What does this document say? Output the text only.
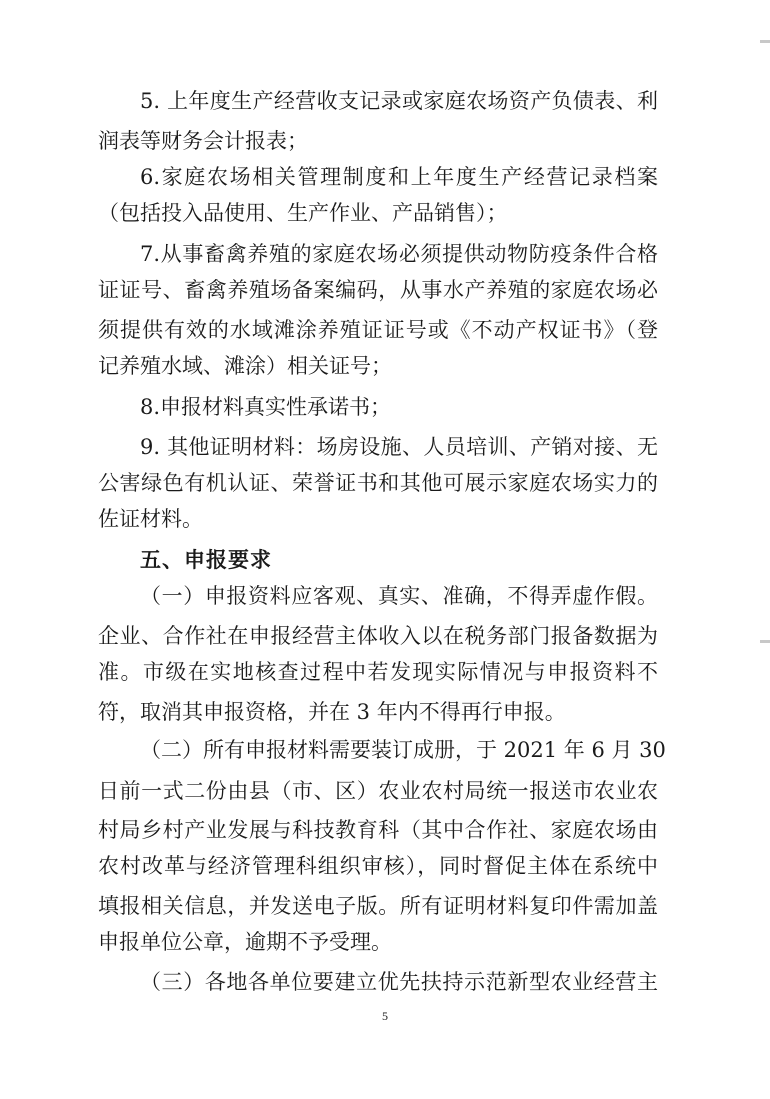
5. 上年度生产经营收支记录或家庭农场资产负债表、利
润表等财务会计报表；
6.家庭农场相关管理制度和上年度生产经营记录档案
（包括投入品使用、生产作业、产品销售）；
7.从事畜禽养殖的家庭农场必须提供动物防疫条件合格
证证号、畜禽养殖场备案编码，从事水产养殖的家庭农场必
须提供有效的水域滩涂养殖证证号或《不动产权证书》（登
记养殖水域、滩涂）相关证号；
8.申报材料真实性承诺书；
9. 其他证明材料：场房设施、人员培训、产销对接、无
公害绿色有机认证、荣誉证书和其他可展示家庭农场实力的
佐证材料。
五、申报要求
（一）申报资料应客观、真实、准确，不得弄虚作假。
企业、合作社在申报经营主体收入以在税务部门报备数据为
准。市级在实地核查过程中若发现实际情况与申报资料不
符，取消其申报资格，并在 3 年内不得再行申报。
（二）所有申报材料需要装订成册，于 2021 年 6 月 30
日前一式二份由县（市、区）农业农村局统一报送市农业农
村局乡村产业发展与科技教育科（其中合作社、家庭农场由
农村改革与经济管理科组织审核），同时督促主体在系统中
填报相关信息，并发送电子版。所有证明材料复印件需加盖
申报单位公章，逾期不予受理。
（三）各地各单位要建立优先扶持示范新型农业经营主
5
